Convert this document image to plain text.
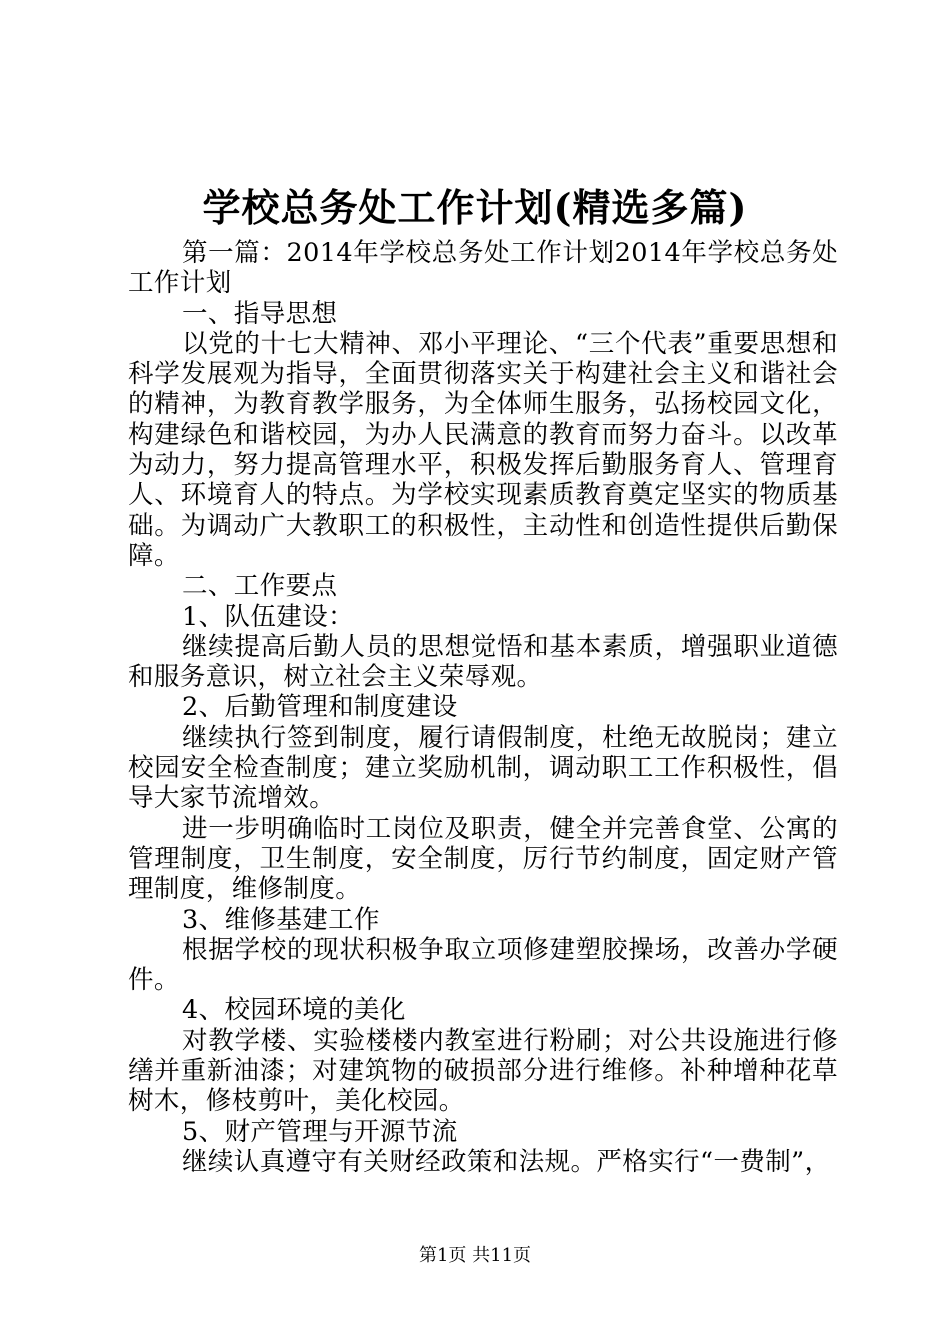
学校总务处工作计划(精选多篇)

第一篇：2014年学校总务处工作计划2014年学校总务处工作计划

一、指导思想

以党的十七大精神、邓小平理论、“三个代表”重要思想和科学发展观为指导，全面贯彻落实关于构建社会主义和谐社会的精神，为教育教学服务，为全体师生服务，弘扬校园文化，构建绿色和谐校园，为办人民满意的教育而努力奋斗。以改革为动力，努力提高管理水平，积极发挥后勤服务育人、管理育人、环境育人的特点。为学校实现素质教育奠定坚实的物质基础。为调动广大教职工的积极性，主动性和创造性提供后勤保障。

二、工作要点

1、队伍建设：

继续提高后勤人员的思想觉悟和基本素质，增强职业道德和服务意识，树立社会主义荣辱观。

2、后勤管理和制度建设

继续执行签到制度，履行请假制度，杜绝无故脱岗；建立校园安全检查制度；建立奖励机制，调动职工工作积极性，倡导大家节流增效。

进一步明确临时工岗位及职责，健全并完善食堂、公寓的管理制度，卫生制度，安全制度，厉行节约制度，固定财产管理制度，维修制度。

3、维修基建工作

根据学校的现状积极争取立项修建塑胶操场，改善办学硬件。

4、校园环境的美化

对教学楼、实验楼楼内教室进行粉刷；对公共设施进行修缮并重新油漆；对建筑物的破损部分进行维修。补种增种花草树木，修枝剪叶，美化校园。

5、财产管理与开源节流

继续认真遵守有关财经政策和法规。严格实行“一费制”，

第1页 共11页
